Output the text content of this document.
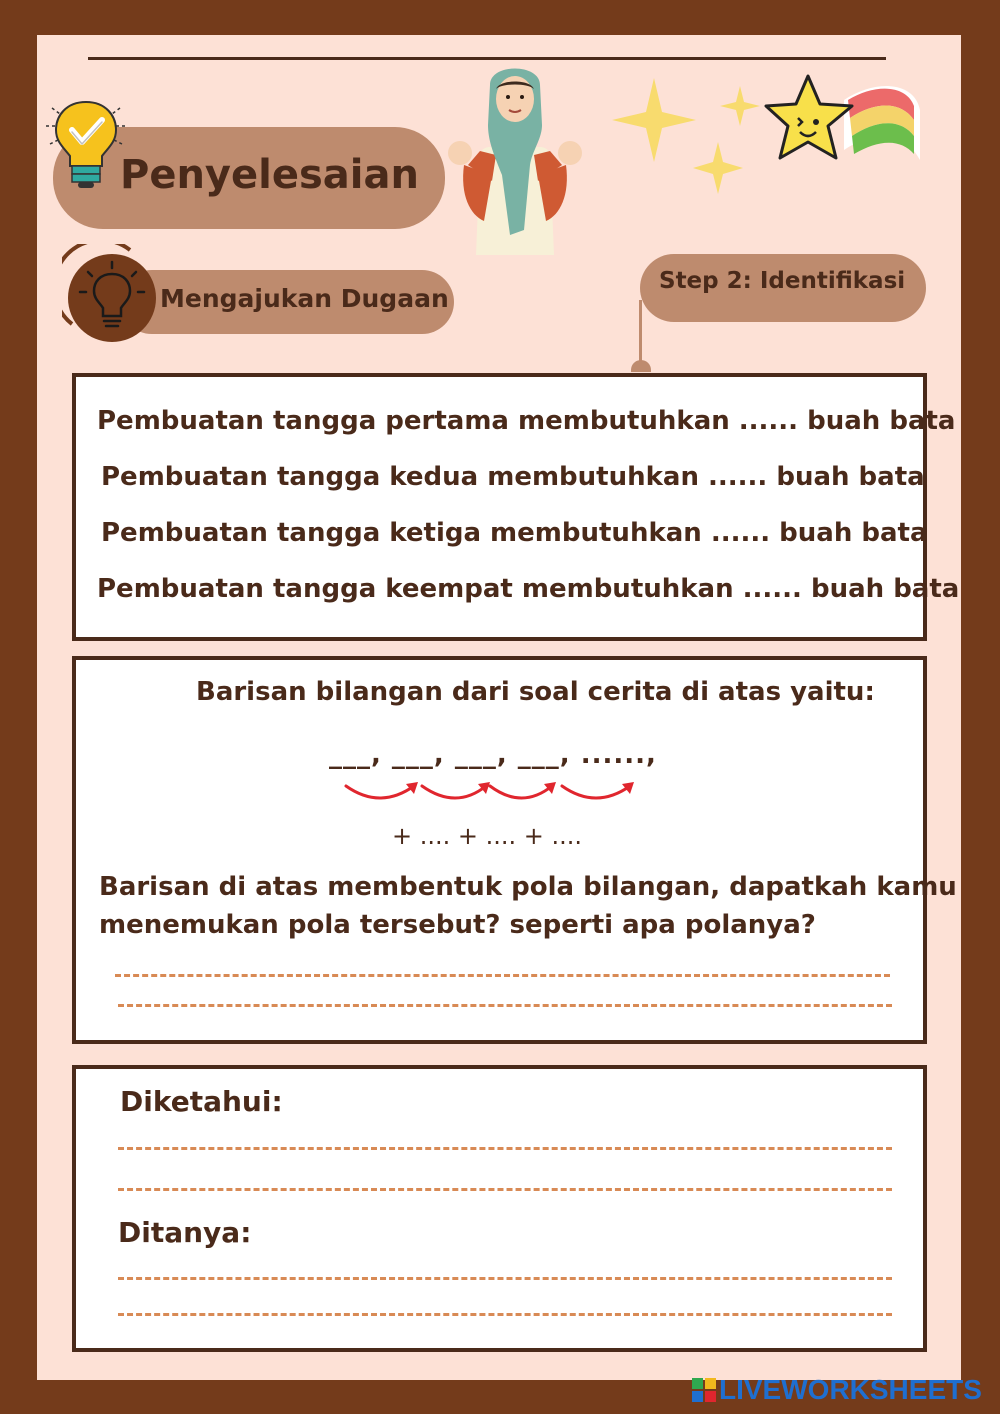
Penyelesaian
Mengajukan Dugaan
Step 2: Identifikasi
Pembuatan tangga pertama membutuhkan ...... buah bata
Pembuatan tangga kedua membutuhkan ...... buah bata
Pembuatan tangga ketiga membutuhkan ...... buah bata
Pembuatan tangga keempat membutuhkan ...... buah bata
Barisan bilangan dari soal cerita di atas yaitu:
___, ___, ___, ___, ......,
+ .... + .... + ....
Barisan di atas membentuk pola bilangan, dapatkah kamu
menemukan pola tersebut? seperti apa polanya?
Diketahui:
Ditanya:
LIVEWORKSHEETS
